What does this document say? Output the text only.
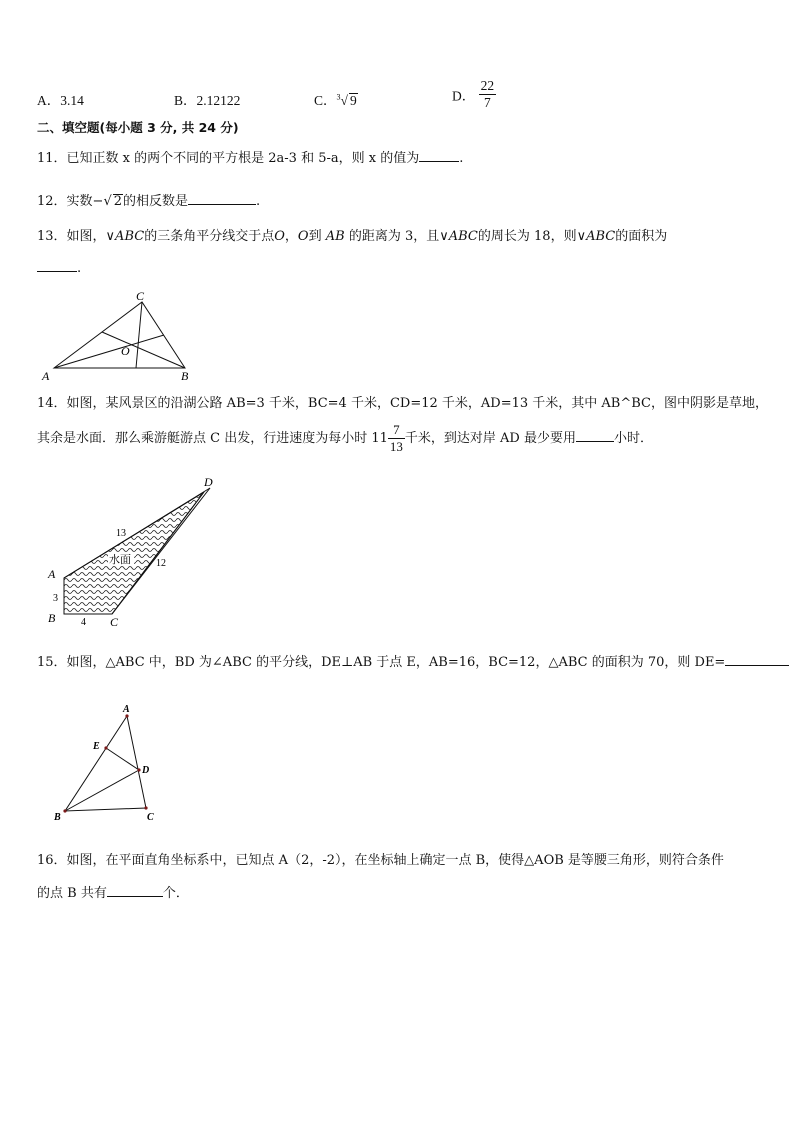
A．3.14	B．2.12122	C．$^3$√ 9	D． $\frac{22}{7}$
二、填空题(每小题 3 分, 共 24 分)
11．已知正数 x 的两个不同的平方根是 2a-3 和 5-a，则 x 的值为	.
12．实数−√ 2的相反数是	.
13．如图，∨ABC的三条角平分线交于点O，O到 AB 的距离为 3，且∨ABC的周长为 18，则∨ABC的面积为
.
C
A	B
O
14．如图，某风景区的沿湖公路 AB=3 千米，BC=4 千米，CD=12 千米，AD=13 千米，其中 AB^BC，图中阴影是草地，
其余是水面．那么乘游艇游点 C 出发，行进速度为每小时 $11 \frac{7}{13}$ 千米，到达对岸 AD 最少要用	小时．
水面
D
A
B	C
13
12
3
4
15．如图，△ABC 中，BD 为∠ABC 的平分线，DE⊥AB 于点 E，AB=16，BC=12，△ABC 的面积为 70，则 DE=
A
B	C
D
E
16．如图，在平面直角坐标系中，已知点 A（2，-2），在坐标轴上确定一点 B，使得△AOB 是等腰三角形，则符合条件
的点 B 共有	个．
